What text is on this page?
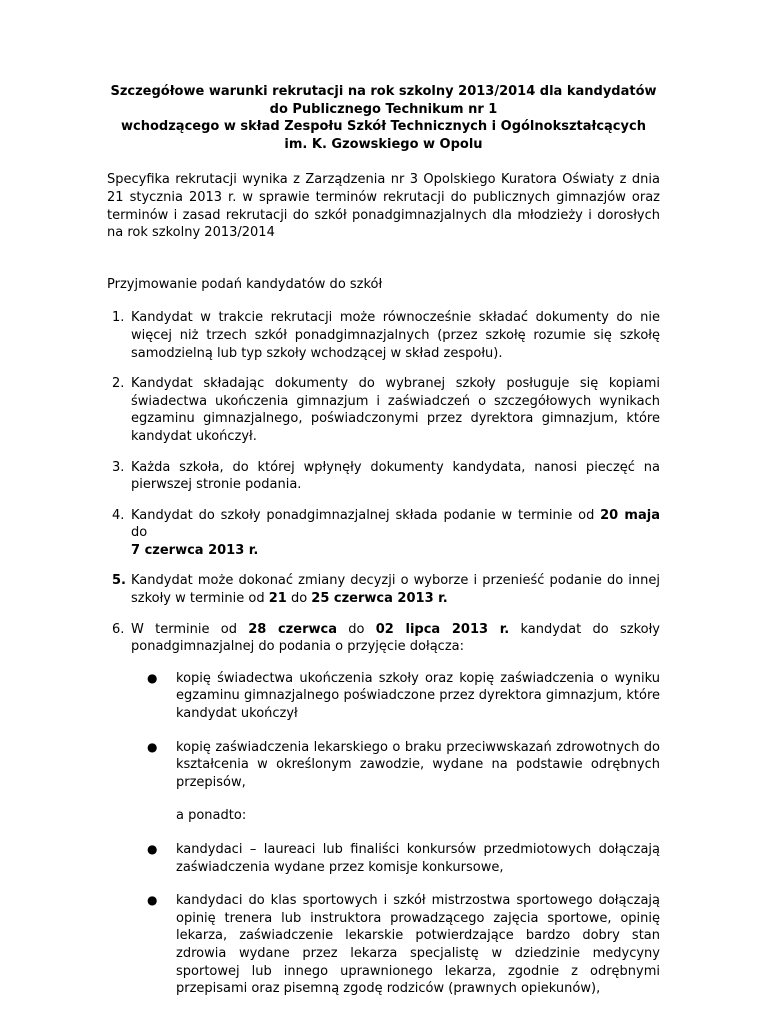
Szczegółowe warunki rekrutacji na rok szkolny 2013/2014 dla kandydatów
do Publicznego Technikum nr 1
wchodzącego w skład Zespołu Szkół Technicznych i Ogólnokształcących
im. K. Gzowskiego w Opolu

Specyfika rekrutacji wynika z Zarządzenia nr 3 Opolskiego Kuratora Oświaty z dnia 21 stycznia 2013 r. w sprawie terminów rekrutacji do publicznych gimnazjów oraz terminów i zasad rekrutacji do szkół ponadgimnazjalnych dla młodzieży i dorosłych na rok szkolny 2013/2014

Przyjmowanie podań kandydatów do szkół

1. Kandydat w trakcie rekrutacji może równocześnie składać dokumenty do nie więcej niż trzech szkół ponadgimnazjalnych (przez szkołę rozumie się szkołę samodzielną lub typ szkoły wchodzącej w skład zespołu).
2. Kandydat składając dokumenty do wybranej szkoły posługuje się kopiami świadectwa ukończenia gimnazjum i zaświadczeń o szczegółowych wynikach egzaminu gimnazjalnego, poświadczonymi przez dyrektora gimnazjum, które kandydat ukończył.
3. Każda szkoła, do której wpłynęły dokumenty kandydata, nanosi pieczęć na pierwszej stronie podania.
4. Kandydat do szkoły ponadgimnazjalnej składa podanie w terminie od 20 maja do
7 czerwca 2013 r.
5. Kandydat może dokonać zmiany decyzji o wyborze i przenieść podanie do innej szkoły w terminie od 21 do 25 czerwca 2013 r.
6. W terminie od 28 czerwca do 02 lipca 2013 r. kandydat do szkoły ponadgimnazjalnej do podania o przyjęcie dołącza:
● kopię świadectwa ukończenia szkoły oraz kopię zaświadczenia o wyniku egzaminu gimnazjalnego poświadczone przez dyrektora gimnazjum, które kandydat ukończył
● kopię zaświadczenia lekarskiego o braku przeciwwskazań zdrowotnych do kształcenia w określonym zawodzie, wydane na podstawie odrębnych przepisów,

a ponadto:

● kandydaci – laureaci lub finaliści konkursów przedmiotowych dołączają zaświadczenia wydane przez komisje konkursowe,
● kandydaci do klas sportowych i szkół mistrzostwa sportowego dołączają opinię trenera lub instruktora prowadzącego zajęcia sportowe, opinię lekarza, zaświadczenie lekarskie potwierdzające bardzo dobry stan zdrowia wydane przez lekarza specjalistę w dziedzinie medycyny sportowej lub innego uprawnionego lekarza, zgodnie z odrębnymi przepisami oraz pisemną zgodę rodziców (prawnych opiekunów),
